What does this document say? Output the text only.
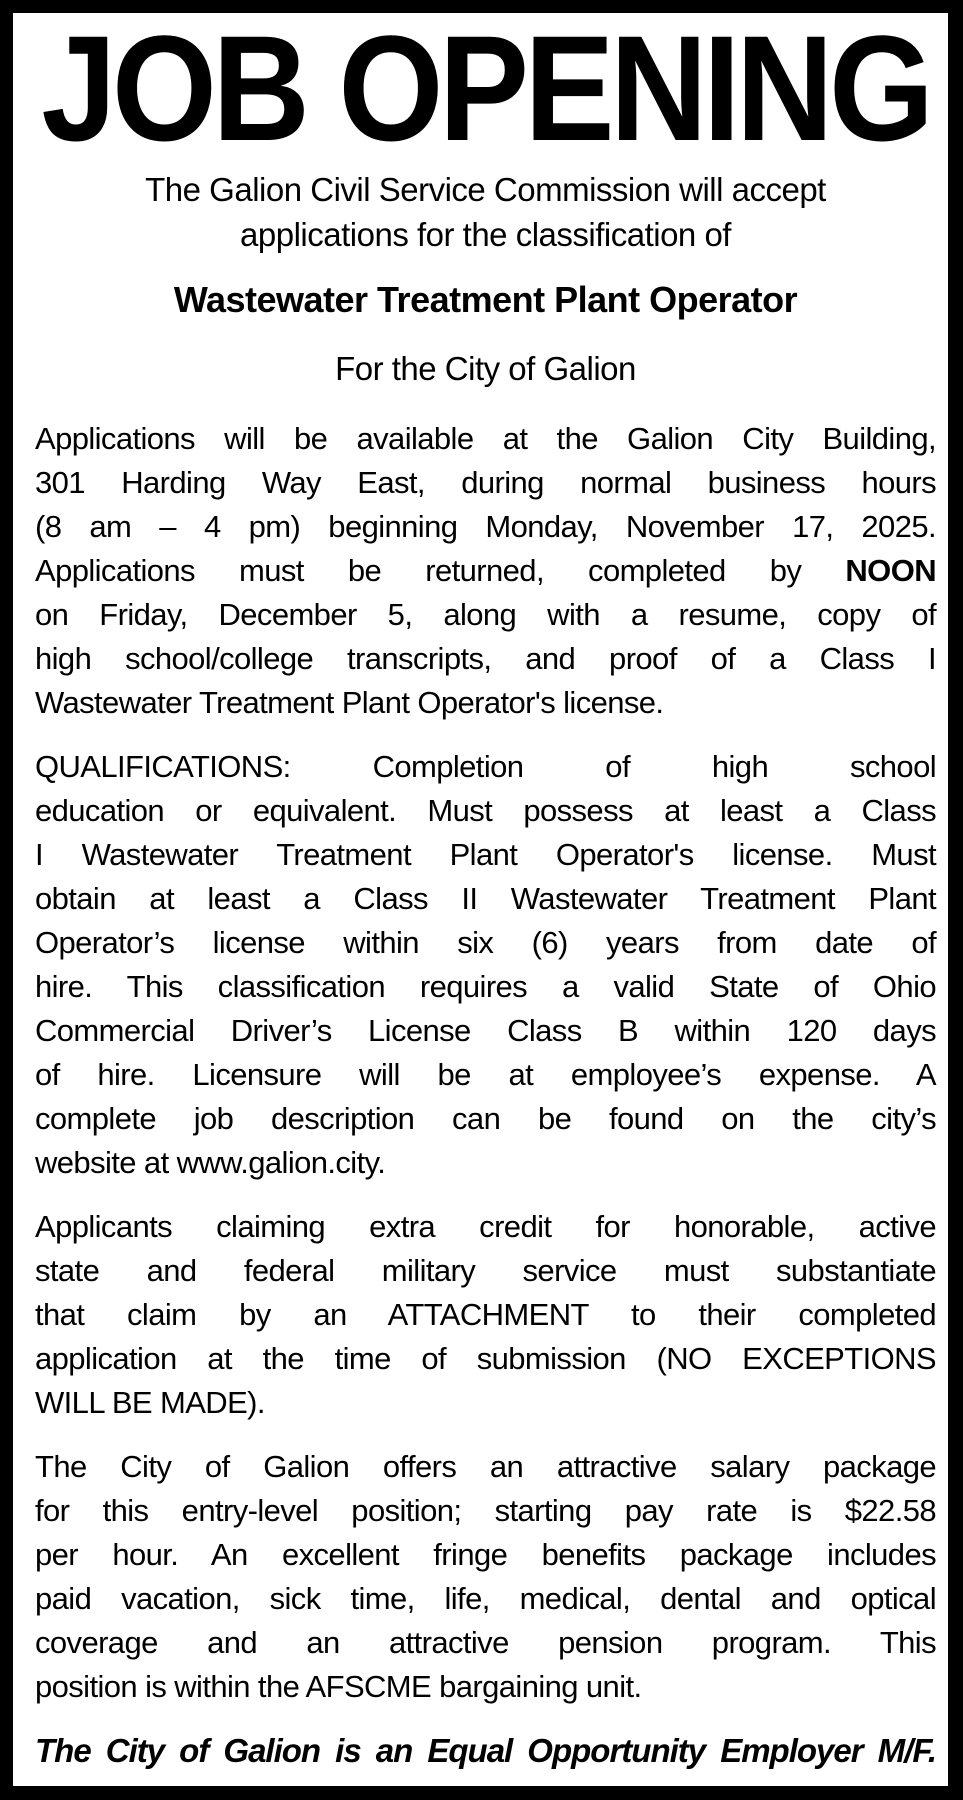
JOB OPENING
The Galion Civil Service Commission will accept
applications for the classification of
Wastewater Treatment Plant Operator
For the City of Galion
Applications will be available at the Galion City Building,
301 Harding Way East, during normal business hours
(8 am – 4 pm) beginning Monday, November 17, 2025.
Applications must be returned, completed by NOON
on Friday, December 5, along with a resume, copy of
high school/college transcripts, and proof of a Class I
Wastewater Treatment Plant Operator's license.
QUALIFICATIONS: Completion of high school
education or equivalent. Must possess at least a Class
I Wastewater Treatment Plant Operator's license. Must
obtain at least a Class II Wastewater Treatment Plant
Operator’s license within six (6) years from date of
hire. This classification requires a valid State of Ohio
Commercial Driver’s License Class B within 120 days
of hire. Licensure will be at employee’s expense. A
complete job description can be found on the city’s
website at www.galion.city.
Applicants claiming extra credit for honorable, active
state and federal military service must substantiate
that claim by an ATTACHMENT to their completed
application at the time of submission (NO EXCEPTIONS
WILL BE MADE).
The City of Galion offers an attractive salary package
for this entry-level position; starting pay rate is $22.58
per hour. An excellent fringe benefits package includes
paid vacation, sick time, life, medical, dental and optical
coverage and an attractive pension program. This
position is within the AFSCME bargaining unit.
The City of Galion is an Equal Opportunity Employer M/F.
